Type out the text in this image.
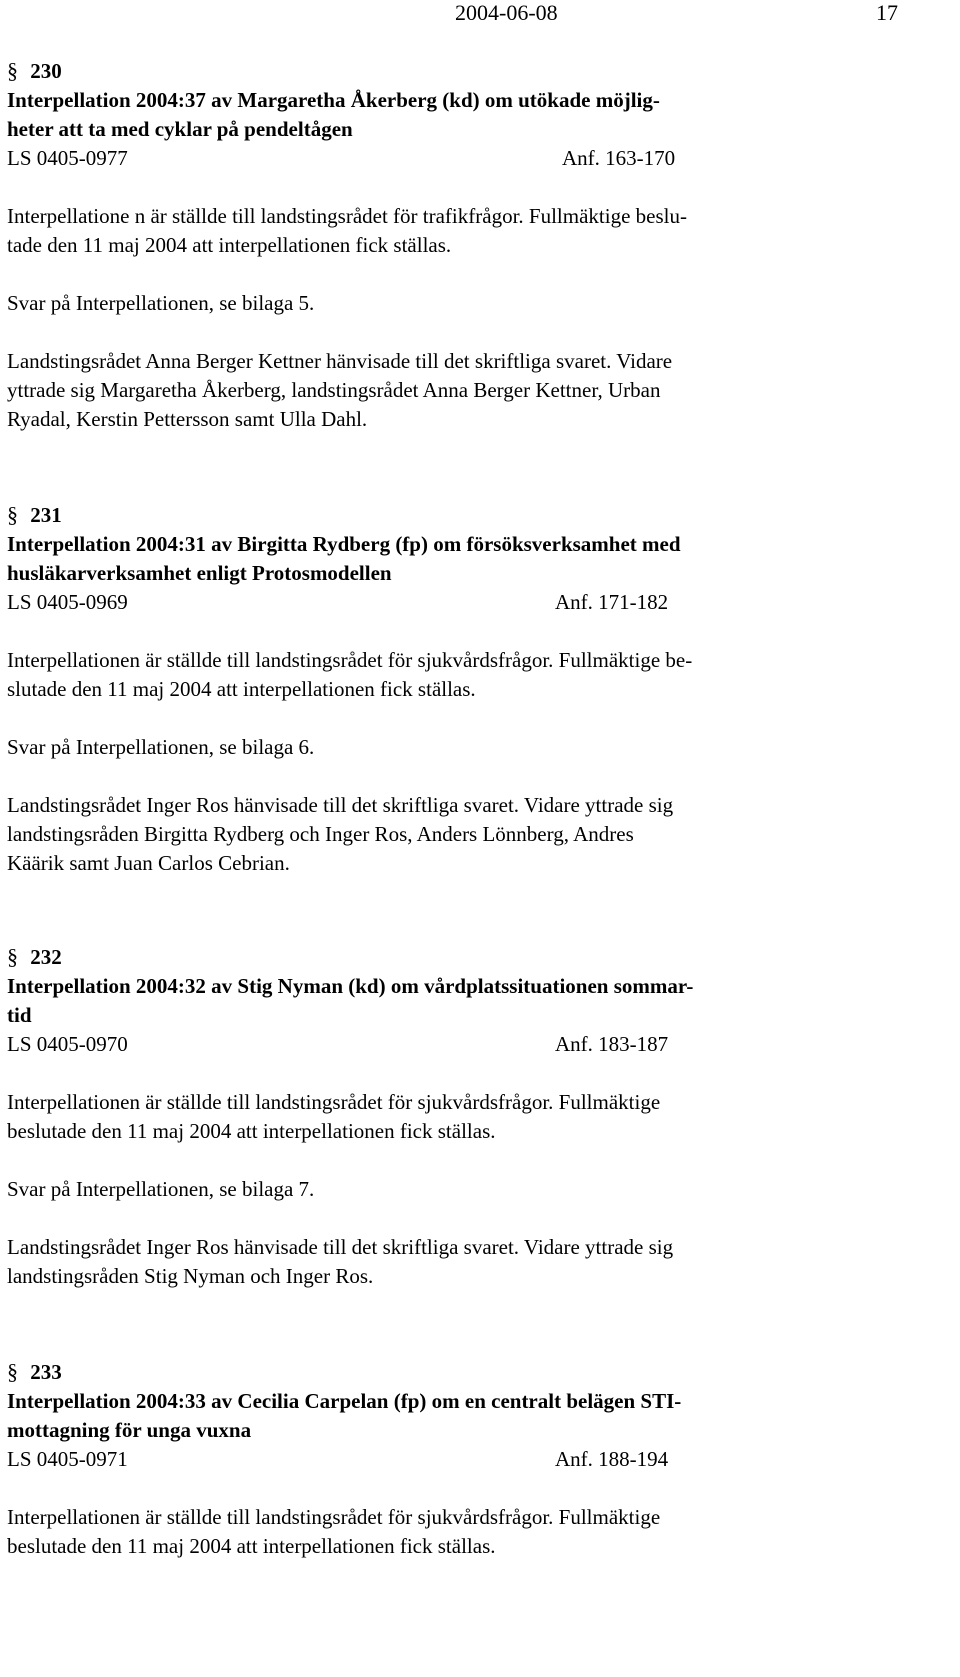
2004-06-08	17
§ 230
Interpellation 2004:37 av Margaretha Åkerberg (kd) om utökade möjlig-
heter att ta med cyklar på pendeltågen
LS 0405-0977	Anf. 163-170

Interpellatione n är ställde till landstingsrådet för trafikfrågor. Fullmäktige beslu-
tade den 11 maj 2004 att interpellationen fick ställas.

Svar på Interpellationen, se bilaga 5.

Landstingsrådet Anna Berger Kettner hänvisade till det skriftliga svaret. Vidare
yttrade sig Margaretha Åkerberg, landstingsrådet Anna Berger Kettner, Urban
Ryadal, Kerstin Pettersson samt Ulla Dahl.

§ 231
Interpellation 2004:31 av Birgitta Rydberg (fp) om försöksverksamhet med
husläkarverksamhet enligt Protosmodellen
LS 0405-0969	Anf. 171-182

Interpellationen är ställde till landstingsrådet för sjukvårdsfrågor. Fullmäktige be-
slutade den 11 maj 2004 att interpellationen fick ställas.

Svar på Interpellationen, se bilaga 6.

Landstingsrådet Inger Ros hänvisade till det skriftliga svaret. Vidare yttrade sig
landstingsråden Birgitta Rydberg och Inger Ros, Anders Lönnberg, Andres
Käärik samt Juan Carlos Cebrian.

§ 232
Interpellation 2004:32 av Stig Nyman (kd) om vårdplatssituationen sommar-
tid
LS 0405-0970	Anf. 183-187

Interpellationen är ställde till landstingsrådet för sjukvårdsfrågor. Fullmäktige
beslutade den 11 maj 2004 att interpellationen fick ställas.

Svar på Interpellationen, se bilaga 7.

Landstingsrådet Inger Ros hänvisade till det skriftliga svaret. Vidare yttrade sig
landstingsråden Stig Nyman och Inger Ros.

§ 233
Interpellation 2004:33 av Cecilia Carpelan (fp) om en centralt belägen STI-
mottagning för unga vuxna
LS 0405-0971	Anf. 188-194

Interpellationen är ställde till landstingsrådet för sjukvårdsfrågor. Fullmäktige
beslutade den 11 maj 2004 att interpellationen fick ställas.
